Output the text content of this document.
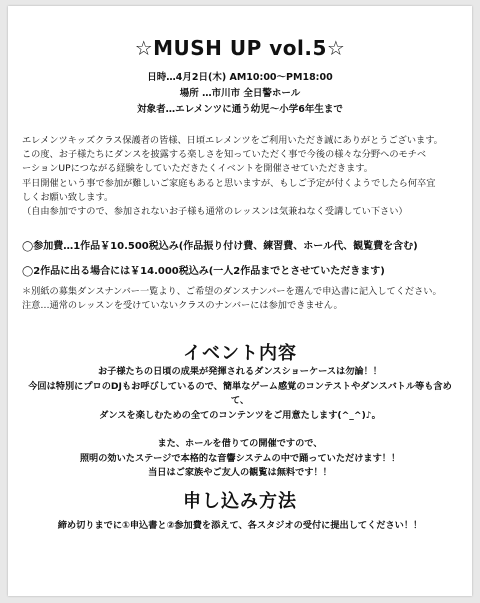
☆MUSH UP vol.5☆
日時…4月2日(木) AM10:00～PM18:00
場所 …市川市 全日警ホール
対象者…エレメンツに通う幼児～小学6年生まで
エレメンツキッズクラス保護者の皆様、日頃エレメンツをご利用いただき誠にありがとうございます。
この度、お子様たちにダンスを披露する楽しさを知っていただく事で今後の様々な分野へのモチベ
ーションUPにつながる経験をしていただきたくイベントを開催させていただきます。
平日開催という事で参加が難しいご家庭もあると思いますが、もしご予定が付くようでしたら何卒宜
しくお願い致します。
（自由参加ですので、参加されないお子様も通常のレッスンは気兼ねなく受講してい下さい）
◯参加費…1作品￥10.500税込み(作品振り付け費、練習費、ホール代、観覧費を含む)
◯2作品に出る場合には￥14.000税込み(一人2作品までとさせていただきます)
＊別紙の募集ダンスナンバー一覧より、ご希望のダンスナンバーを選んで申込書に記入してください。
注意…通常のレッスンを受けていないクラスのナンバーには参加できません。
イベント内容
お子様たちの日頃の成果が発揮されるダンスショーケースは勿論！！
今回は特別にプロのDJもお呼びしているので、簡単なゲーム感覚のコンテストやダンスバトル等も含めて、
ダンスを楽しむための全てのコンテンツをご用意たします(^_^)♪。
また、ホールを借りての開催ですので、
照明の効いたステージで本格的な音響システムの中で踊っていただけます！！
当日はご家族やご友人の観覧は無料です！！
申し込み方法
締め切りまでに①申込書と②参加費を添えて、各スタジオの受付に提出してください！！
